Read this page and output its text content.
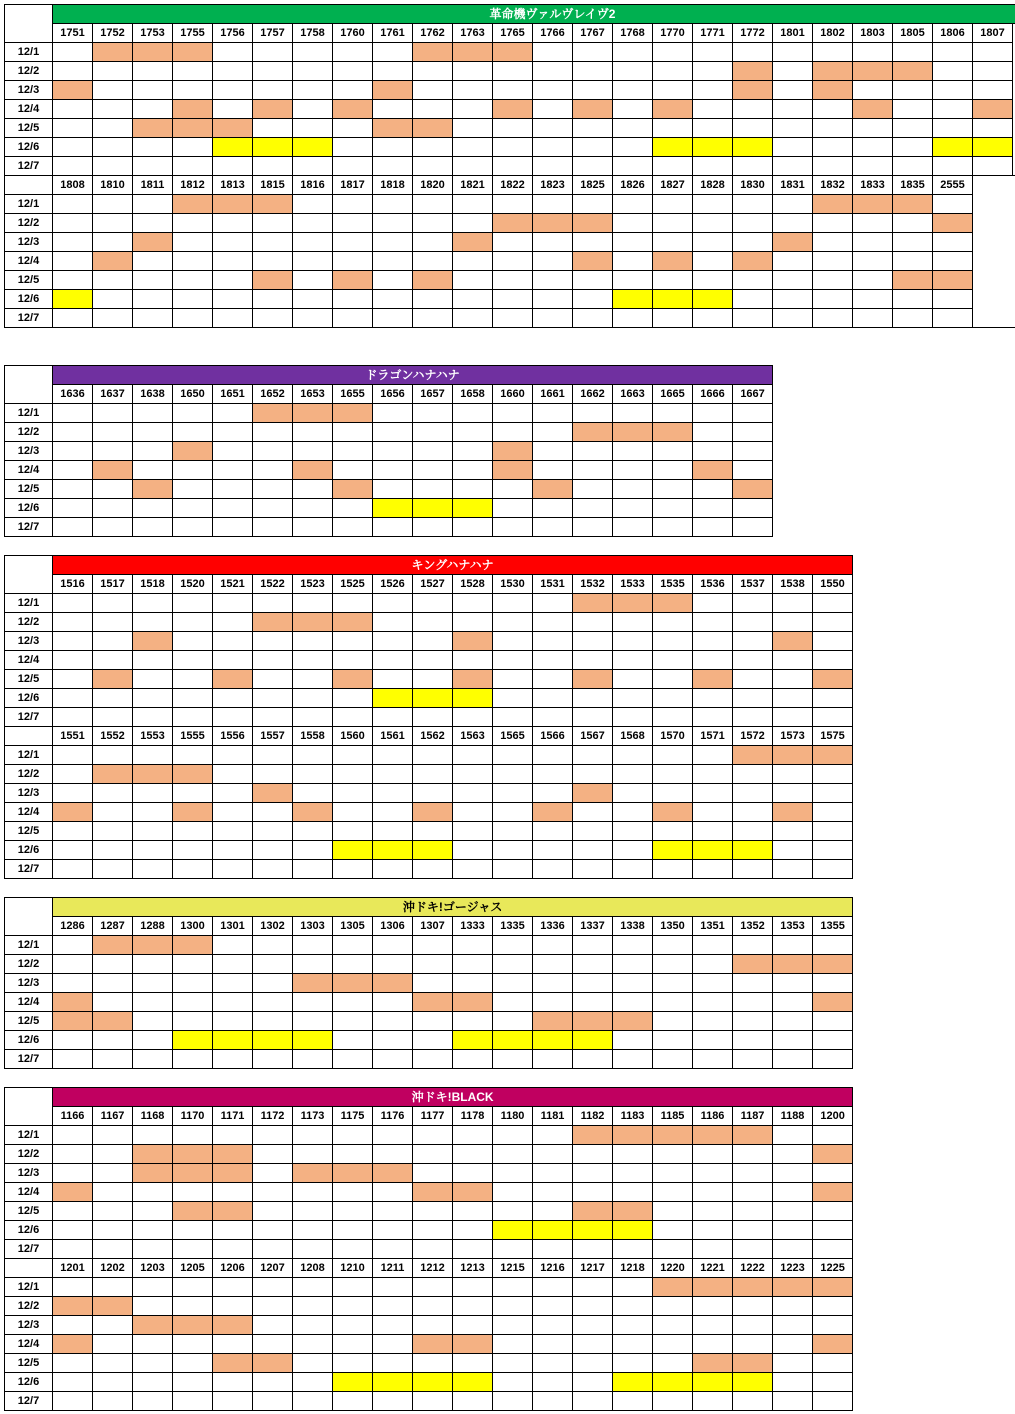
	革命機ヴァルヴレイヴ2																								
	1751	1752	1753	1755	1756	1757	1758	1760	1761	1762	1763	1765	1766	1767	1768	1770	1771	1772	1801	1802	1803	1805	1806	1807	
12/1																									
12/2																									
12/3																									
12/4																									
12/5																									
12/6																									
12/7																									
	1808	1810	1811	1812	1813	1815	1816	1817	1818	1820	1821	1822	1823	1825	1826	1827	1828	1830	1831	1832	1833	1835	2555		
12/1																									
12/2																									
12/3																									
12/4																									
12/5																									
12/6																									
12/7																									
	ドラゴンハナハナ																	
	1636	1637	1638	1650	1651	1652	1653	1655	1656	1657	1658	1660	1661	1662	1663	1665	1666	1667
12/1																		
12/2																		
12/3																		
12/4																		
12/5																		
12/6																		
12/7																		
	キングハナハナ																			
	1516	1517	1518	1520	1521	1522	1523	1525	1526	1527	1528	1530	1531	1532	1533	1535	1536	1537	1538	1550
12/1																				
12/2																				
12/3																				
12/4																				
12/5																				
12/6																				
12/7																				
	1551	1552	1553	1555	1556	1557	1558	1560	1561	1562	1563	1565	1566	1567	1568	1570	1571	1572	1573	1575
12/1																				
12/2																				
12/3																				
12/4																				
12/5																				
12/6																				
12/7																				
	沖ドキ!ゴージャス																			
	1286	1287	1288	1300	1301	1302	1303	1305	1306	1307	1333	1335	1336	1337	1338	1350	1351	1352	1353	1355
12/1																				
12/2																				
12/3																				
12/4																				
12/5																				
12/6																				
12/7																				
	沖ドキ!BLACK																			
	1166	1167	1168	1170	1171	1172	1173	1175	1176	1177	1178	1180	1181	1182	1183	1185	1186	1187	1188	1200
12/1																				
12/2																				
12/3																				
12/4																				
12/5																				
12/6																				
12/7																				
	1201	1202	1203	1205	1206	1207	1208	1210	1211	1212	1213	1215	1216	1217	1218	1220	1221	1222	1223	1225
12/1																				
12/2																				
12/3																				
12/4																				
12/5																				
12/6																				
12/7																				
